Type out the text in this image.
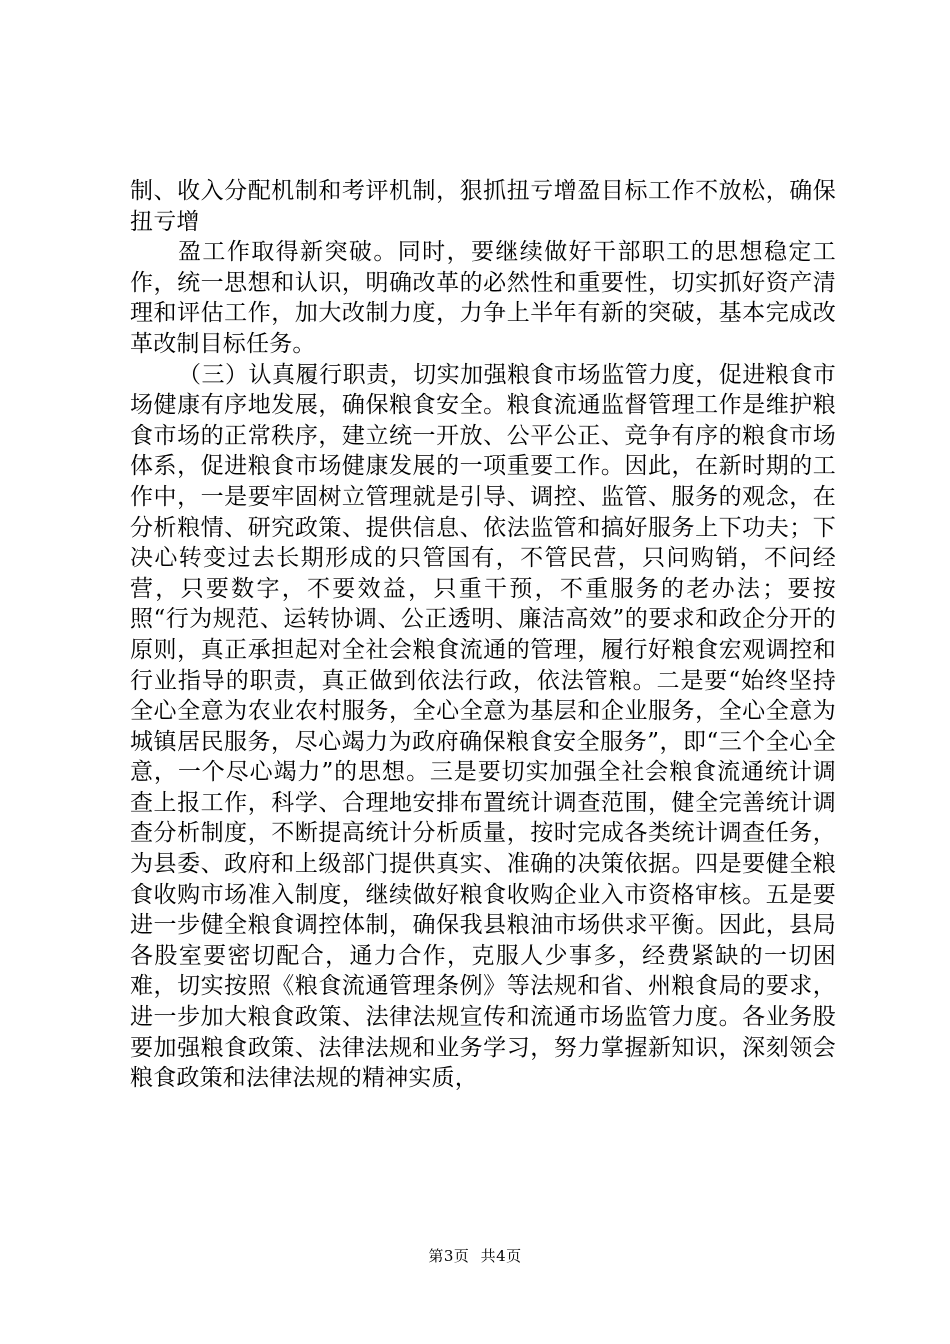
制、收入分配机制和考评机制，狠抓扭亏增盈目标工作不放松，确保扭亏增

盈工作取得新突破。同时，要继续做好干部职工的思想稳定工作，统一思想和认识，明确改革的必然性和重要性，切实抓好资产清理和评估工作，加大改制力度，力争上半年有新的突破，基本完成改革改制目标任务。

（三）认真履行职责，切实加强粮食市场监管力度，促进粮食市场健康有序地发展，确保粮食安全。粮食流通监督管理工作是维护粮食市场的正常秩序，建立统一开放、公平公正、竞争有序的粮食市场体系，促进粮食市场健康发展的一项重要工作。因此，在新时期的工作中，一是要牢固树立管理就是引导、调控、监管、服务的观念，在分析粮情、研究政策、提供信息、依法监管和搞好服务上下功夫；下决心转变过去长期形成的只管国有，不管民营，只问购销，不问经营，只要数字，不要效益，只重干预，不重服务的老办法；要按照“行为规范、运转协调、公正透明、廉洁高效”的要求和政企分开的原则，真正承担起对全社会粮食流通的管理，履行好粮食宏观调控和行业指导的职责，真正做到依法行政，依法管粮。二是要“始终坚持全心全意为农业农村服务，全心全意为基层和企业服务，全心全意为城镇居民服务，尽心竭力为政府确保粮食安全服务”，即“三个全心全意，一个尽心竭力”的思想。三是要切实加强全社会粮食流通统计调查上报工作，科学、合理地安排布置统计调查范围，健全完善统计调查分析制度，不断提高统计分析质量，按时完成各类统计调查任务，为县委、政府和上级部门提供真实、准确的决策依据。四是要健全粮食收购市场准入制度，继续做好粮食收购企业入市资格审核。五是要进一步健全粮食调控体制，确保我县粮油市场供求平衡。因此，县局各股室要密切配合，通力合作，克服人少事多，经费紧缺的一切困难，切实按照《粮食流通管理条例》等法规和省、州粮食局的要求，进一步加大粮食政策、法律法规宣传和流通市场监管力度。各业务股要加强粮食政策、法律法规和业务学习，努力掌握新知识，深刻领会粮食政策和法律法规的精神实质，

第3页 共4页
